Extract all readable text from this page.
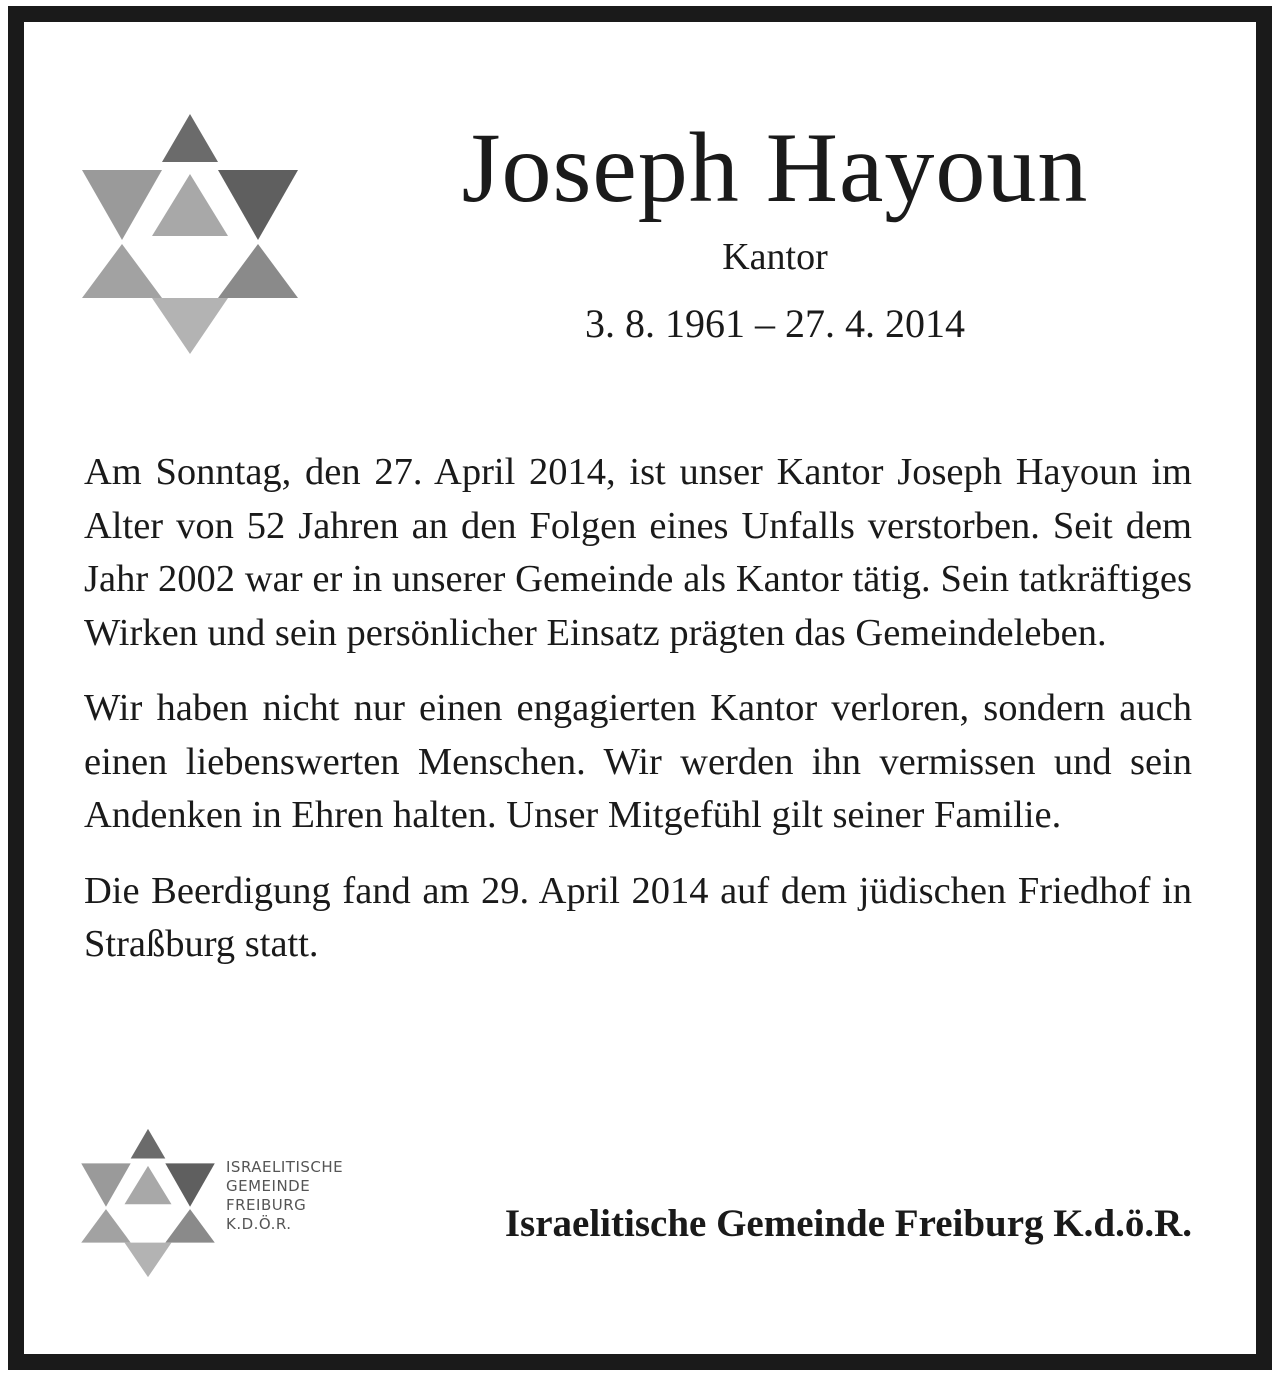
Joseph Hayoun
Kantor
3. 8. 1961 – 27. 4. 2014

Am Sonntag, den 27. April 2014, ist unser Kantor Joseph Hayoun im Alter von 52 Jahren an den Folgen eines Unfalls verstorben. Seit dem Jahr 2002 war er in unserer Gemeinde als Kantor tätig. Sein tatkräftiges Wirken und sein persönlicher Einsatz prägten das Gemeindeleben.

Wir haben nicht nur einen engagierten Kantor verloren, sondern auch einen liebenswerten Menschen. Wir werden ihn vermissen und sein Andenken in Ehren halten. Unser Mitgefühl gilt seiner Familie.

Die Beerdigung fand am 29. April 2014 auf dem jüdischen Friedhof in Straßburg statt.

ISRAELITISCHE
GEMEINDE
FREIBURG
K.D.Ö.R.	Israelitische Gemeinde Freiburg K.d.ö.R.
